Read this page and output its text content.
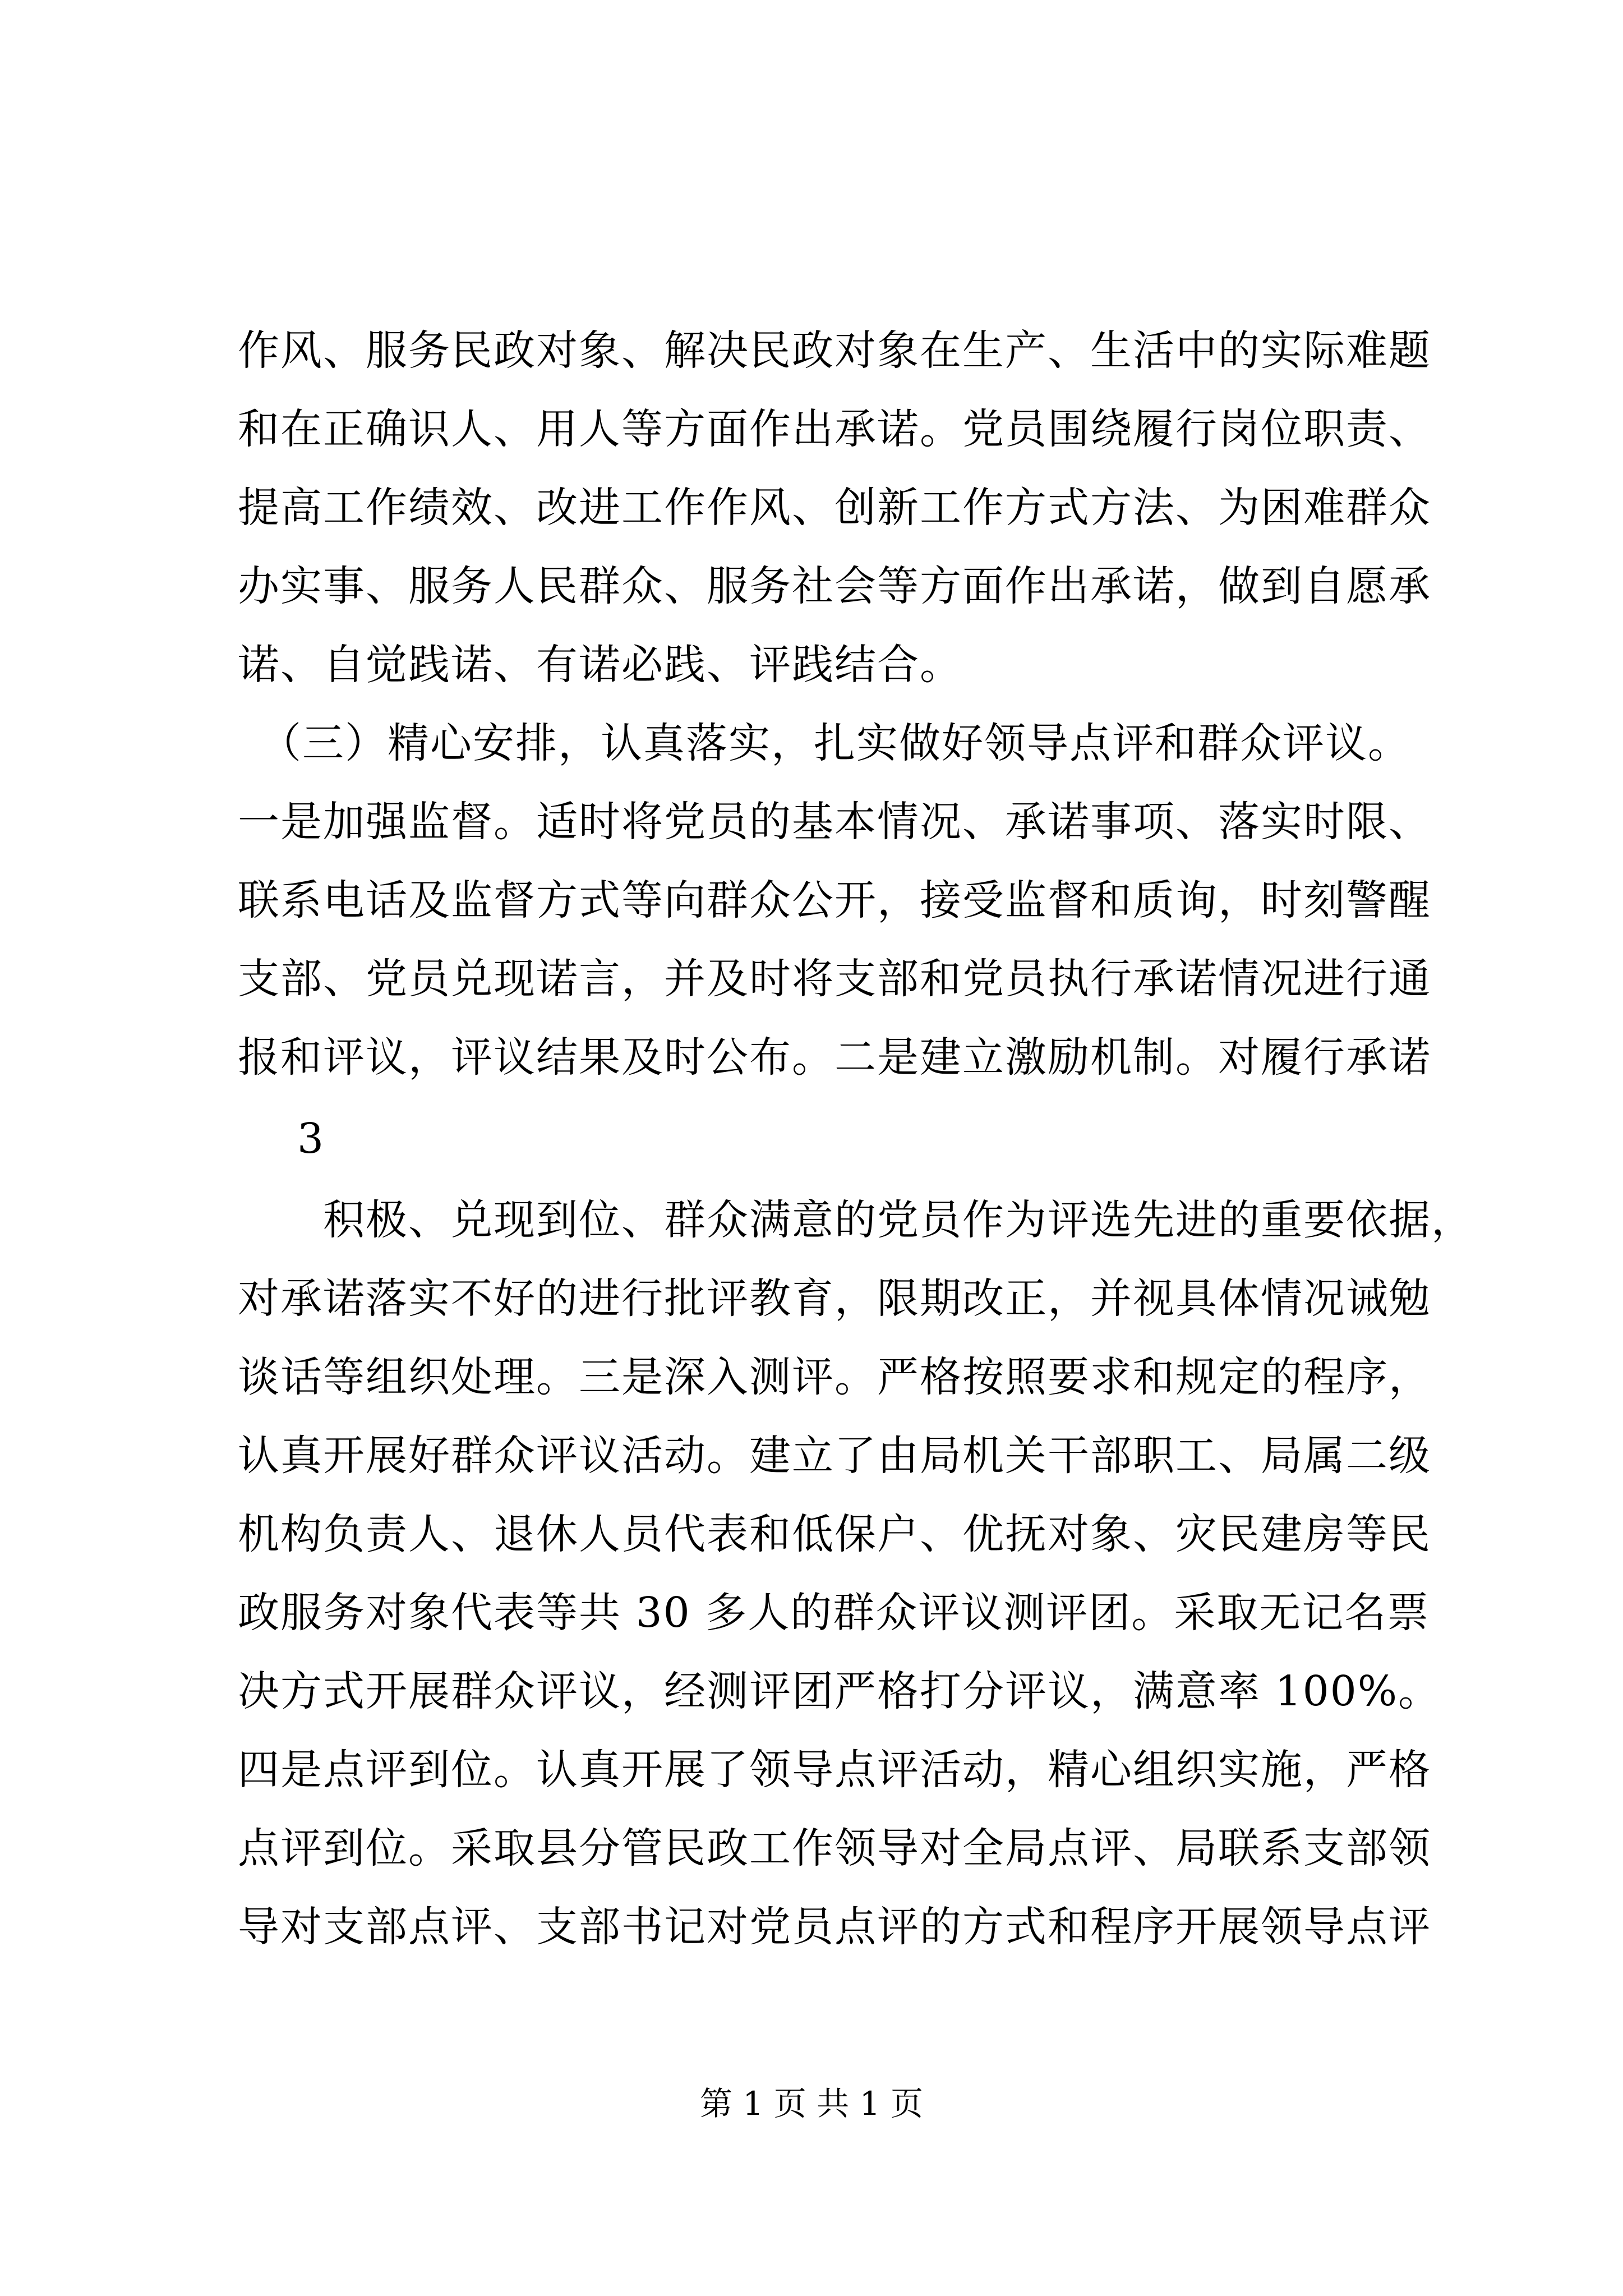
作风、服务民政对象、解决民政对象在生产、生活中的实际难题
和在正确识人、用人等方面作出承诺。党员围绕履行岗位职责、
提高工作绩效、改进工作作风、创新工作方式方法、为困难群众
办实事、服务人民群众、服务社会等方面作出承诺，做到自愿承
诺、自觉践诺、有诺必践、评践结合。
　（三）精心安排，认真落实，扎实做好领导点评和群众评议。
一是加强监督。适时将党员的基本情况、承诺事项、落实时限、
联系电话及监督方式等向群众公开，接受监督和质询，时刻警醒
支部、党员兑现诺言，并及时将支部和党员执行承诺情况进行通
报和评议，评议结果及时公布。二是建立激励机制。对履行承诺
3
　　积极、兑现到位、群众满意的党员作为评选先进的重要依据，
对承诺落实不好的进行批评教育，限期改正，并视具体情况诫勉
谈话等组织处理。三是深入测评。严格按照要求和规定的程序，
认真开展好群众评议活动。建立了由局机关干部职工、局属二级
机构负责人、退休人员代表和低保户、优抚对象、灾民建房等民
政服务对象代表等共 30 多人的群众评议测评团。采取无记名票
决方式开展群众评议，经测评团严格打分评议，满意率 100%。
四是点评到位。认真开展了领导点评活动，精心组织实施，严格
点评到位。采取县分管民政工作领导对全局点评、局联系支部领
导对支部点评、支部书记对党员点评的方式和程序开展领导点评
第 1 页 共 1 页
